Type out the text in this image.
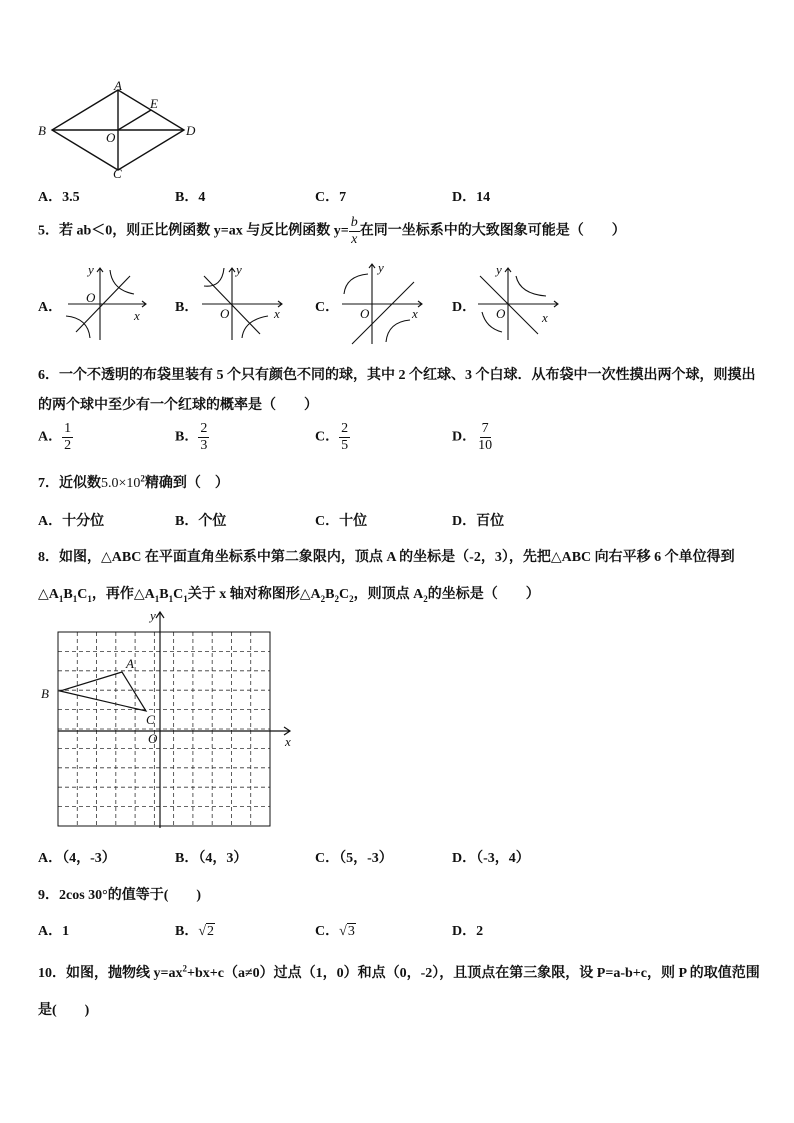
A
E
B	O	D
C
A．3.5	B．4	C．7	D．14
5．若 ab＜0，则正比例函数 y=ax 与反比例函数 $y= \frac{b}{x}$ 在同一坐标系中的大致图象可能是（　　）
A．
y
O
x
B．
y
O	x	C．
y
O	x D．
y
O	x
6．一个不透明的布袋里装有 5 个只有颜色不同的球，其中 2 个红球、3 个白球．从布袋中一次性摸出两个球，则摸出
的两个球中至少有一个红球的概率是（　　）
A． $\frac{1}{2}$	B． $\frac{2}{3}$	C． $\frac{2}{5}$	D． $\frac{7}{10}$
7．近似数$5.0\times 10^2$精确到（　）
A．十分位	B．个位	C．十位	D．百位
8．如图，△ABC 在平面直角坐标系中第二象限内，顶点 A 的坐标是（-2，3），先把△ABC 向右平移 6 个单位得到
$\triangle A_1B_1C_1$，再作$\triangle A_1B_1C_1$关于 x 轴对称图形$\triangle A_2B_2C_2$，则顶点 $A_2$的坐标是（　　）
y
x
O
A
B
C
A．（4，-3）	B．（4，3）	C．（5，-3）	D．（-3，4）
9．2cos 30°的值等于(　　)
A．1	B．√2	C．√3	D．2
10．如图，抛物线 $y=ax^2+bx+c(a\ne 0)$过点（1，0）和点（0，-2），且顶点在第三象限，设 P=a-b+c，则 P 的取值范围
是(　　)
